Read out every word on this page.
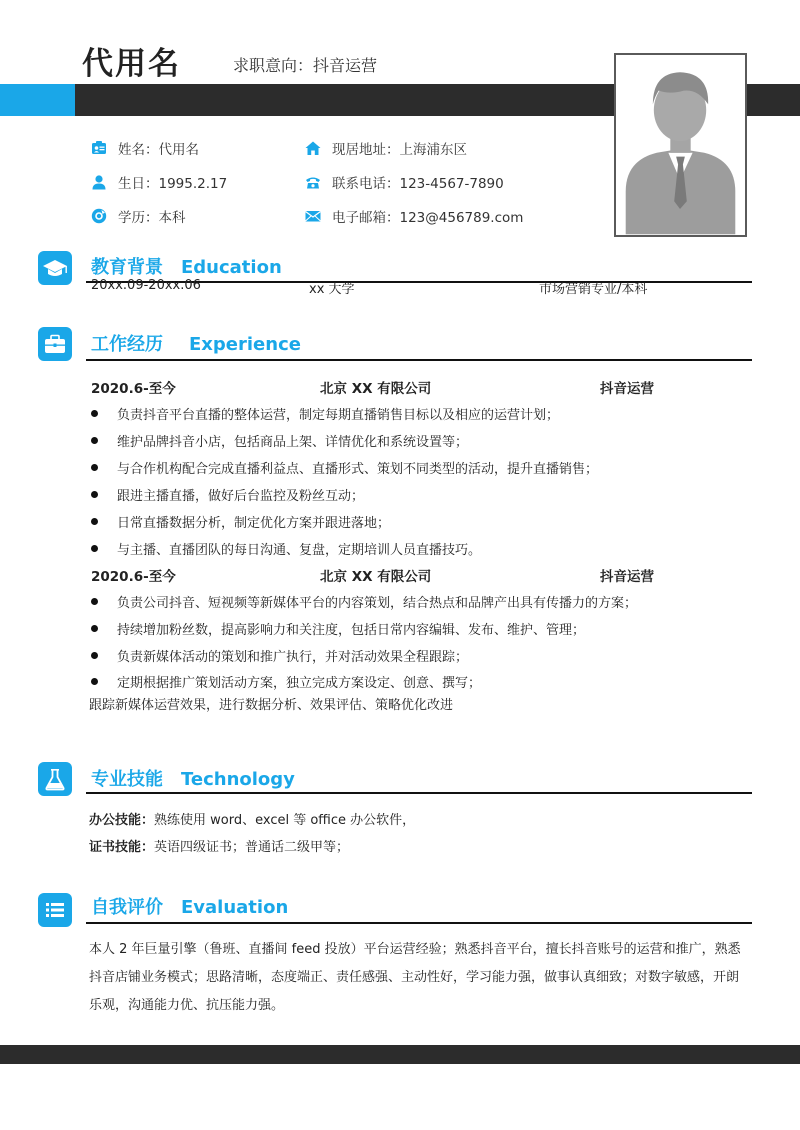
代用名	求职意向：抖音运营
姓名：代用名
生日：1995.2.17
学历：本科
现居地址：上海浦东区
联系电话：123-4567-7890
电子邮箱：123@456789.com
教育背景 Education
20xx.09-20xx.06	xx 大学	市场营销专业/本科
工作经历 Experience
2020.6-至今	北京 XX 有限公司	抖音运营
负责抖音平台直播的整体运营，制定每期直播销售目标以及相应的运营计划；
维护品牌抖音小店，包括商品上架、详情优化和系统设置等；
与合作机构配合完成直播利益点、直播形式、策划不同类型的活动，提升直播销售；
跟进主播直播，做好后台监控及粉丝互动；
日常直播数据分析，制定优化方案并跟进落地；
与主播、直播团队的每日沟通、复盘，定期培训人员直播技巧。
2020.6-至今	北京 XX 有限公司	抖音运营
负责公司抖音、短视频等新媒体平台的内容策划，结合热点和品牌产出具有传播力的方案；
持续增加粉丝数，提高影响力和关注度，包括日常内容编辑、发布、维护、管理；
负责新媒体活动的策划和推广执行，并对活动效果全程跟踪；
定期根据推广策划活动方案，独立完成方案设定、创意、撰写；
跟踪新媒体运营效果，进行数据分析、效果评估、策略优化改进
专业技能 Technology
办公技能：熟练使用 word、excel 等 office 办公软件，
证书技能：英语四级证书；普通话二级甲等；
自我评价 Evaluation
本人 2 年巨量引擎（鲁班、直播间 feed 投放）平台运营经验；熟悉抖音平台，擅长抖音账号的运营和推广，熟悉抖音店铺业务模式；思路清晰，态度端正、责任感强、主动性好，学习能力强，做事认真细致；对数字敏感，开朗乐观，沟通能力优、抗压能力强。
